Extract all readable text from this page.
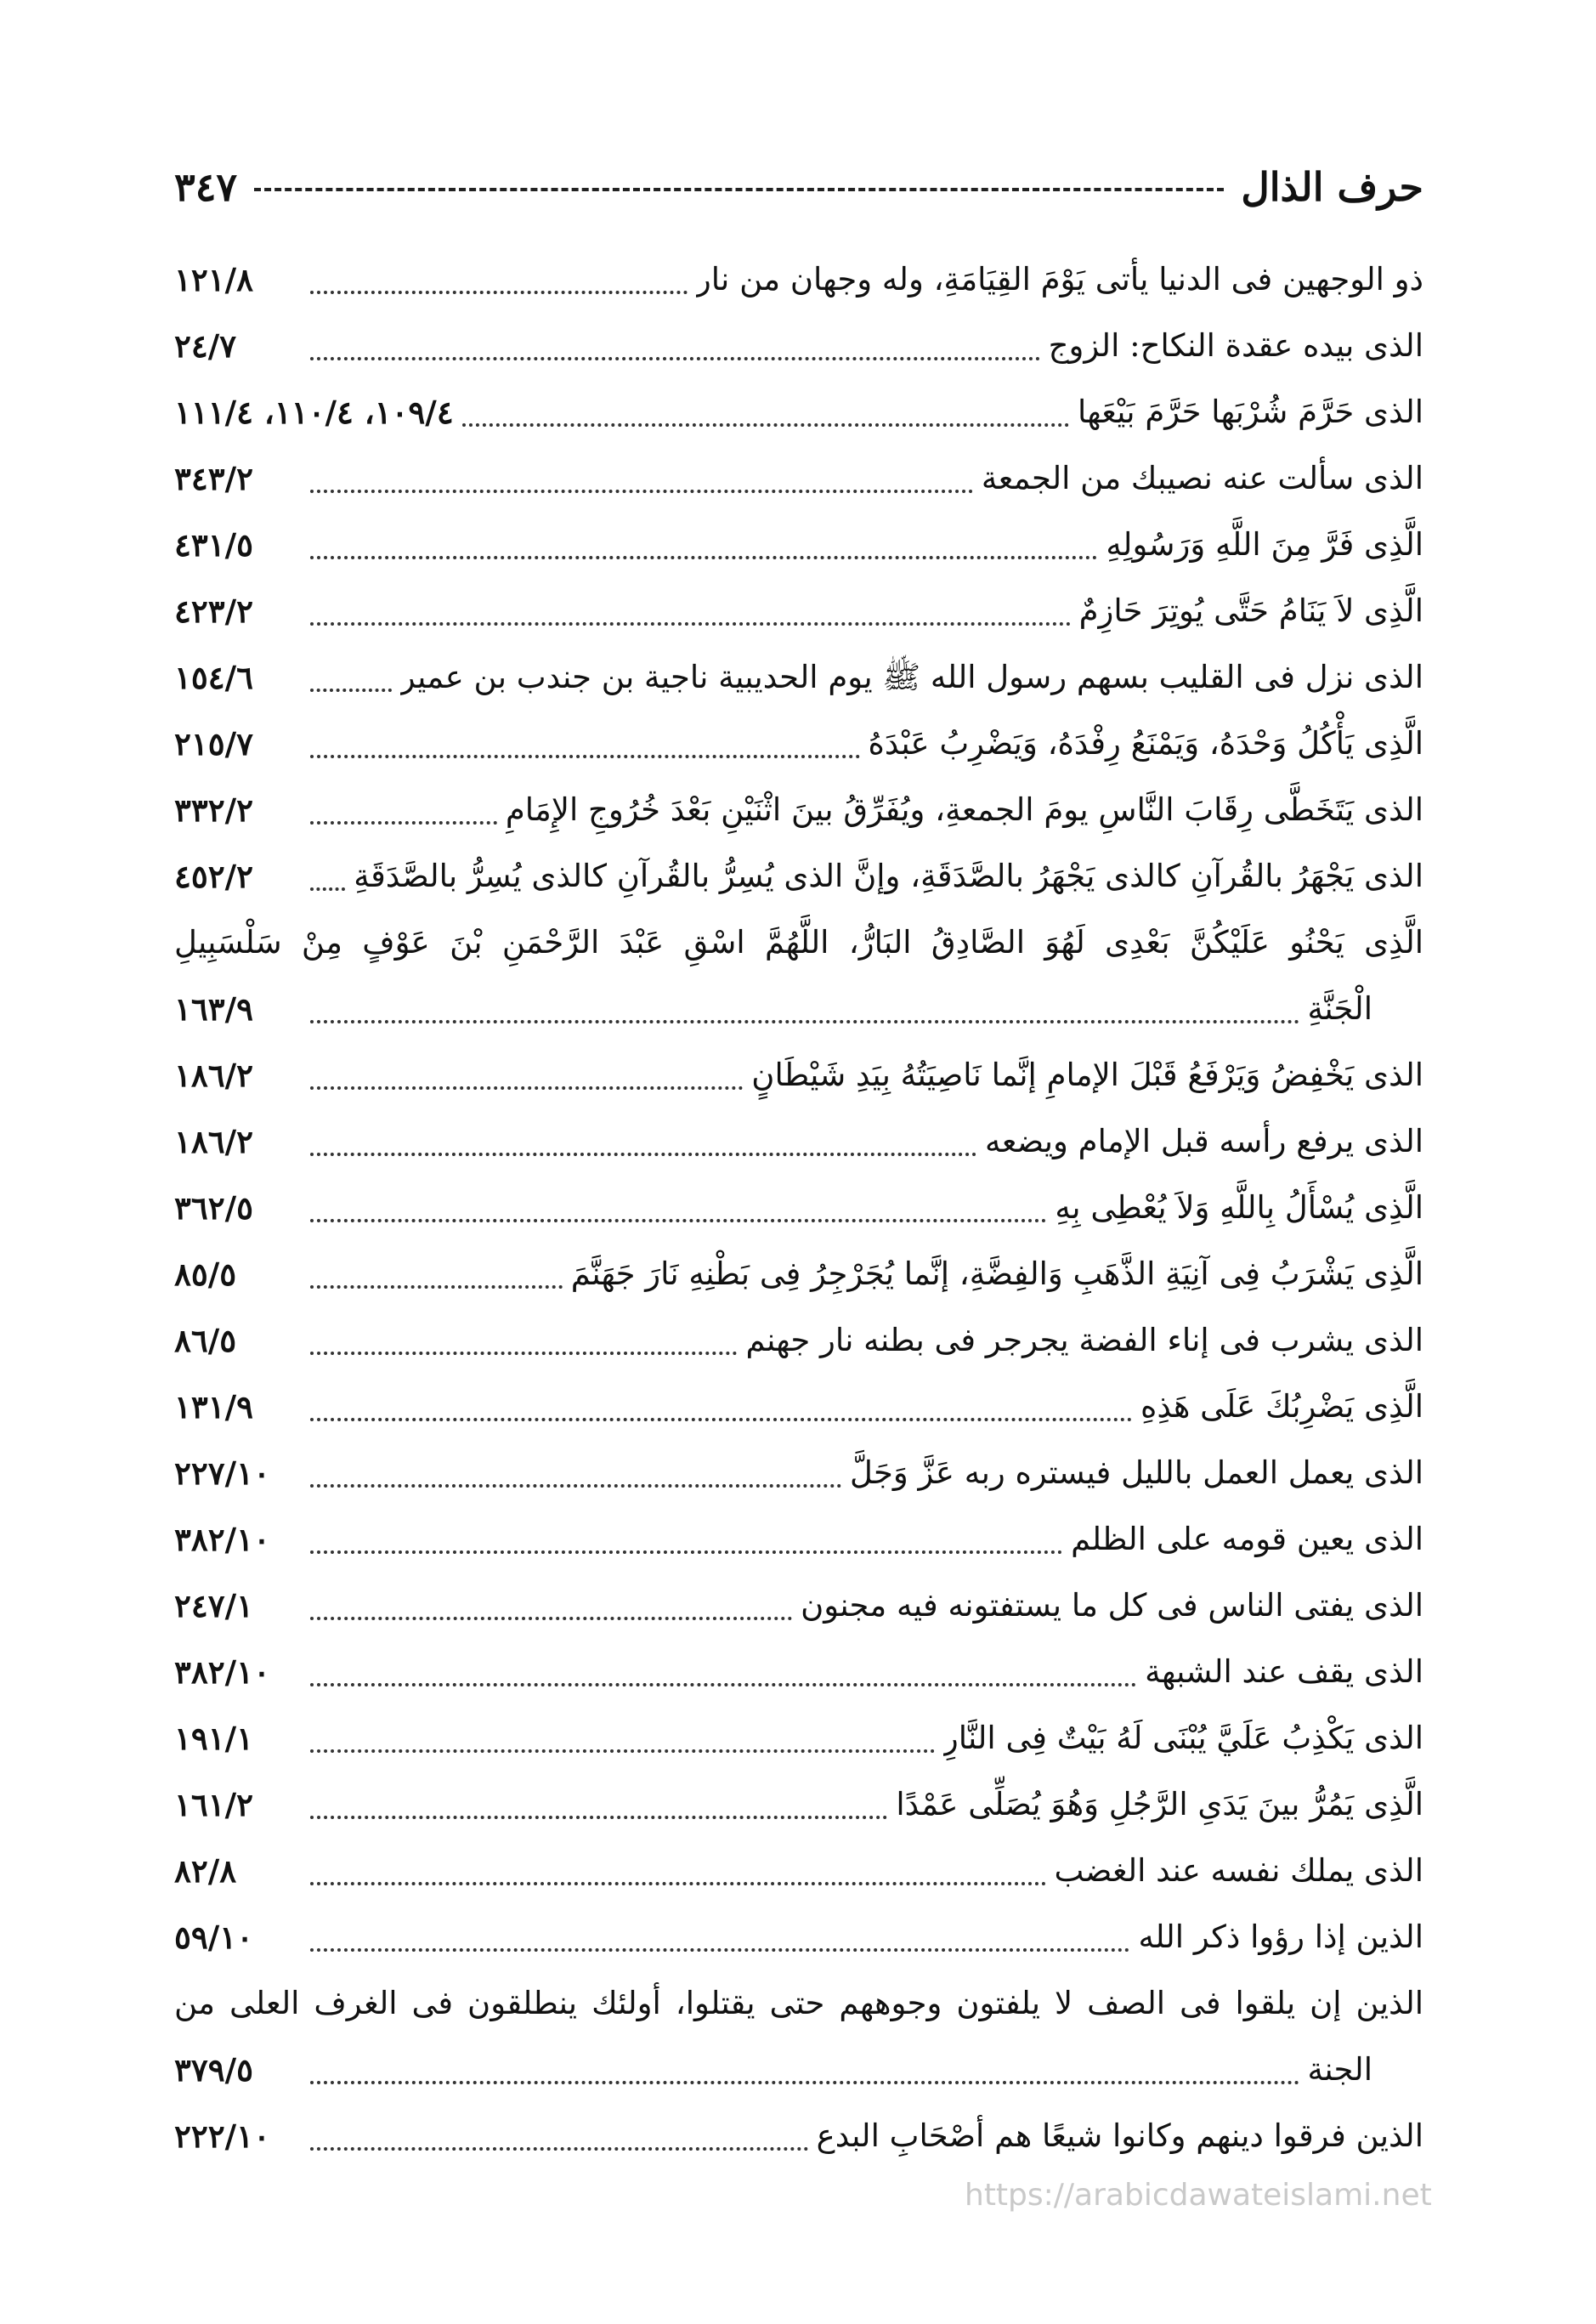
حرف الذال
٣٤٧
ذو الوجهين فى الدنيا يأتى يَوْمَ القِيَامَةِ، وله وجهان من نار
١٢١/٨
الذى بيده عقدة النكاح: الزوج
٢٤/٧
الذى حَرَّمَ شُرْبَها حَرَّمَ بَيْعَها
١٠٩/٤، ١١٠/٤، ١١١/٤
الذى سألت عنه نصيبك من الجمعة
٣٤٣/٢
الَّذِى فَرَّ مِنَ اللَّهِ وَرَسُولِهِ
٤٣١/٥
الَّذِى لاَ يَنَامُ حَتَّى يُوتِرَ حَازِمٌ
٤٢٣/٢
الذى نزل فى القليب بسهم رسول الله ﷺ يوم الحديبية ناجية بن جندب بن عمير
١٥٤/٦
الَّذِى يَأْكُلُ وَحْدَهُ، وَيَمْنَعُ رِفْدَهُ، وَيَضْرِبُ عَبْدَهُ
٢١٥/٧
الذى يَتَخَطَّى رِقَابَ النَّاسِ يومَ الجمعةِ، ويُفَرِّقُ بينَ اثْنَيْنِ بَعْدَ خُرُوجِ الإِمَامِ
٣٣٢/٢
الذى يَجْهَرُ بالقُرآنِ كالذى يَجْهَرُ بالصَّدَقَةِ، وإنَّ الذى يُسِرُّ بالقُرآنِ كالذى يُسِرُّ بالصَّدَقَةِ
٤٥٢/٢
الَّذِى يَحْنُو عَلَيْكُنَّ بَعْدِى لَهُوَ الصَّادِقُ البَارُّ، اللَّهُمَّ اسْقِ عَبْدَ الرَّحْمَنِ بْنَ عَوْفٍ مِنْ سَلْسَبِيلِ
الْجَنَّةِ
١٦٣/٩
الذى يَخْفِضُ وَيَرْفَعُ قَبْلَ الإمامِ إنَّما نَاصِيَتُهُ بِيَدِ شَيْطَانٍ
١٨٦/٢
الذى يرفع رأسه قبل الإمام ويضعه
١٨٦/٢
الَّذِى يُسْأَلُ بِاللَّهِ وَلاَ يُعْطِى بِهِ
٣٦٢/٥
الَّذِى يَشْرَبُ فِى آنِيَةِ الذَّهَبِ وَالفِضَّةِ، إنَّما يُجَرْجِرُ فِى بَطْنِهِ نَارَ جَهَنَّمَ
٨٥/٥
الذى يشرب فى إناء الفضة يجرجر فى بطنه نار جهنم
٨٦/٥
الَّذِى يَضْرِبُكَ عَلَى هَذِهِ
١٣١/٩
الذى يعمل العمل بالليل فيستره ربه عَزَّ وَجَلَّ
٢٢٧/١٠
الذى يعين قومه على الظلم
٣٨٢/١٠
الذى يفتى الناس فى كل ما يستفتونه فيه مجنون
٢٤٧/١
الذى يقف عند الشبهة
٣٨٢/١٠
الذى يَكْذِبُ عَلَيَّ يُبْنَى لَهُ بَيْتٌ فِى النَّارِ
١٩١/١
الَّذِى يَمُرُّ بينَ يَدَىِ الرَّجُلِ وَهُوَ يُصَلِّى عَمْدًا
١٦١/٢
الذى يملك نفسه عند الغضب
٨٢/٨
الذين إذا رؤوا ذكر الله
٥٩/١٠
الذين إن يلقوا فى الصف لا يلفتون وجوههم حتى يقتلوا، أولئك ينطلقون فى الغرف العلى من
الجنة
٣٧٩/٥
الذين فرقوا دينهم وكانوا شيعًا هم أصْحَابِ البدع
٢٢٢/١٠
https://arabicdawateislami.net
